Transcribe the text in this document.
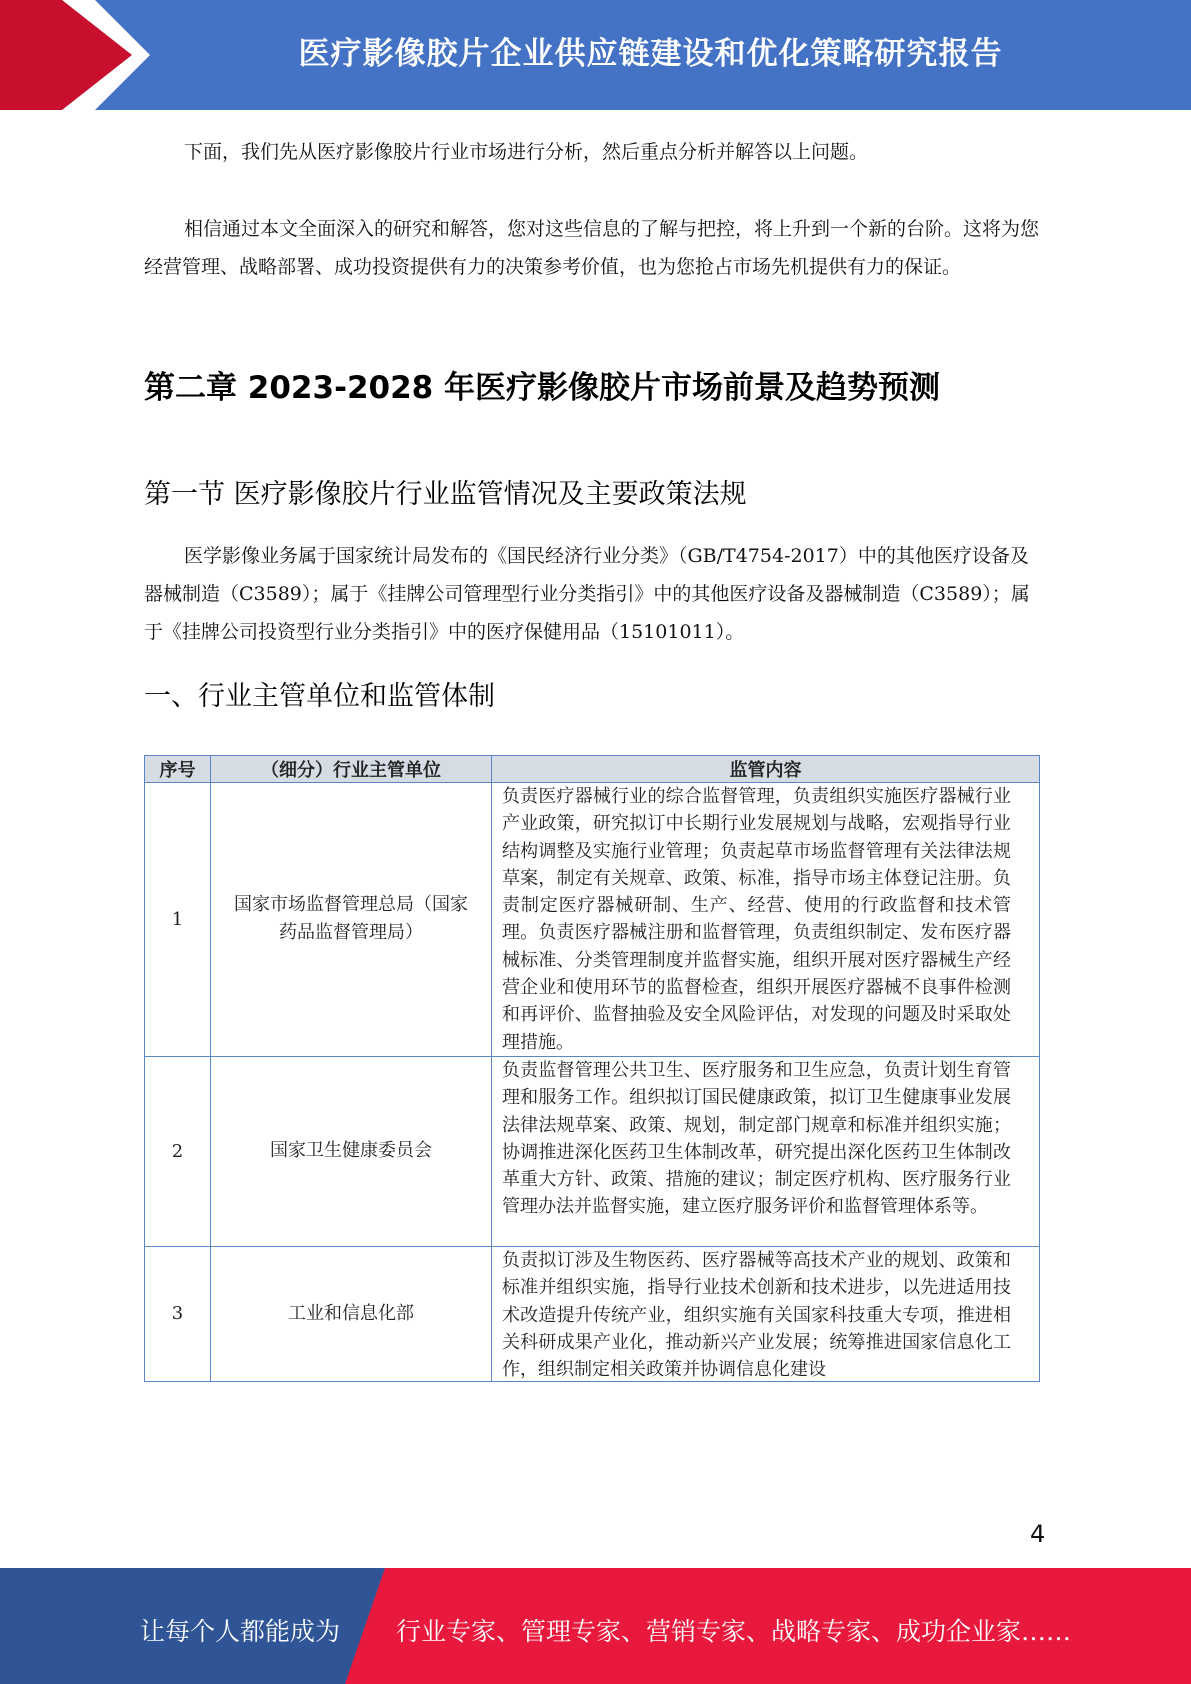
医疗影像胶片企业供应链建设和优化策略研究报告

下面，我们先从医疗影像胶片行业市场进行分析，然后重点分析并解答以上问题。

相信通过本文全面深入的研究和解答，您对这些信息的了解与把控，将上升到一个新的台阶。这将为您经营管理、战略部署、成功投资提供有力的决策参考价值，也为您抢占市场先机提供有力的保证。

第二章 2023-2028 年医疗影像胶片市场前景及趋势预测
第一节 医疗影像胶片行业监管情况及主要政策法规

医学影像业务属于国家统计局发布的《国民经济行业分类》（GB/T4754-2017）中的其他医疗设备及器械制造（C3589）；属于《挂牌公司管理型行业分类指引》中的其他医疗设备及器械制造（C3589）；属于《挂牌公司投资型行业分类指引》中的医疗保健用品（15101011）。

一、行业主管单位和监管体制
序号	（细分）行业主管单位	监管内容
1	国家市场监督管理总局（国家药品监督管理局）	负责医疗器械行业的综合监督管理，负责组织实施医疗器械行业产业政策，研究拟订中长期行业发展规划与战略，宏观指导行业结构调整及实施行业管理；负责起草市场监督管理有关法律法规草案，制定有关规章、政策、标准，指导市场主体登记注册。负责制定医疗器械研制、生产、经营、使用的行政监督和技术管理。负责医疗器械注册和监督管理，负责组织制定、发布医疗器械标准、分类管理制度并监督实施，组织开展对医疗器械生产经营企业和使用环节的监督检查，组织开展医疗器械不良事件检测和再评价、监督抽验及安全风险评估，对发现的问题及时采取处理措施。
2	国家卫生健康委员会	负责监督管理公共卫生、医疗服务和卫生应急，负责计划生育管理和服务工作。组织拟订国民健康政策，拟订卫生健康事业发展法律法规草案、政策、规划，制定部门规章和标准并组织实施；协调推进深化医药卫生体制改革，研究提出深化医药卫生体制改革重大方针、政策、措施的建议；制定医疗机构、医疗服务行业管理办法并监督实施，建立医疗服务评价和监督管理体系等。
3	工业和信息化部	负责拟订涉及生物医药、医疗器械等高技术产业的规划、政策和标准并组织实施，指导行业技术创新和技术进步，以先进适用技术改造提升传统产业，组织实施有关国家科技重大专项，推进相关科研成果产业化，推动新兴产业发展；统筹推进国家信息化工作，组织制定相关政策并协调信息化建设
4
让每个人都能成为 行业专家、管理专家、营销专家、战略专家、成功企业家……
